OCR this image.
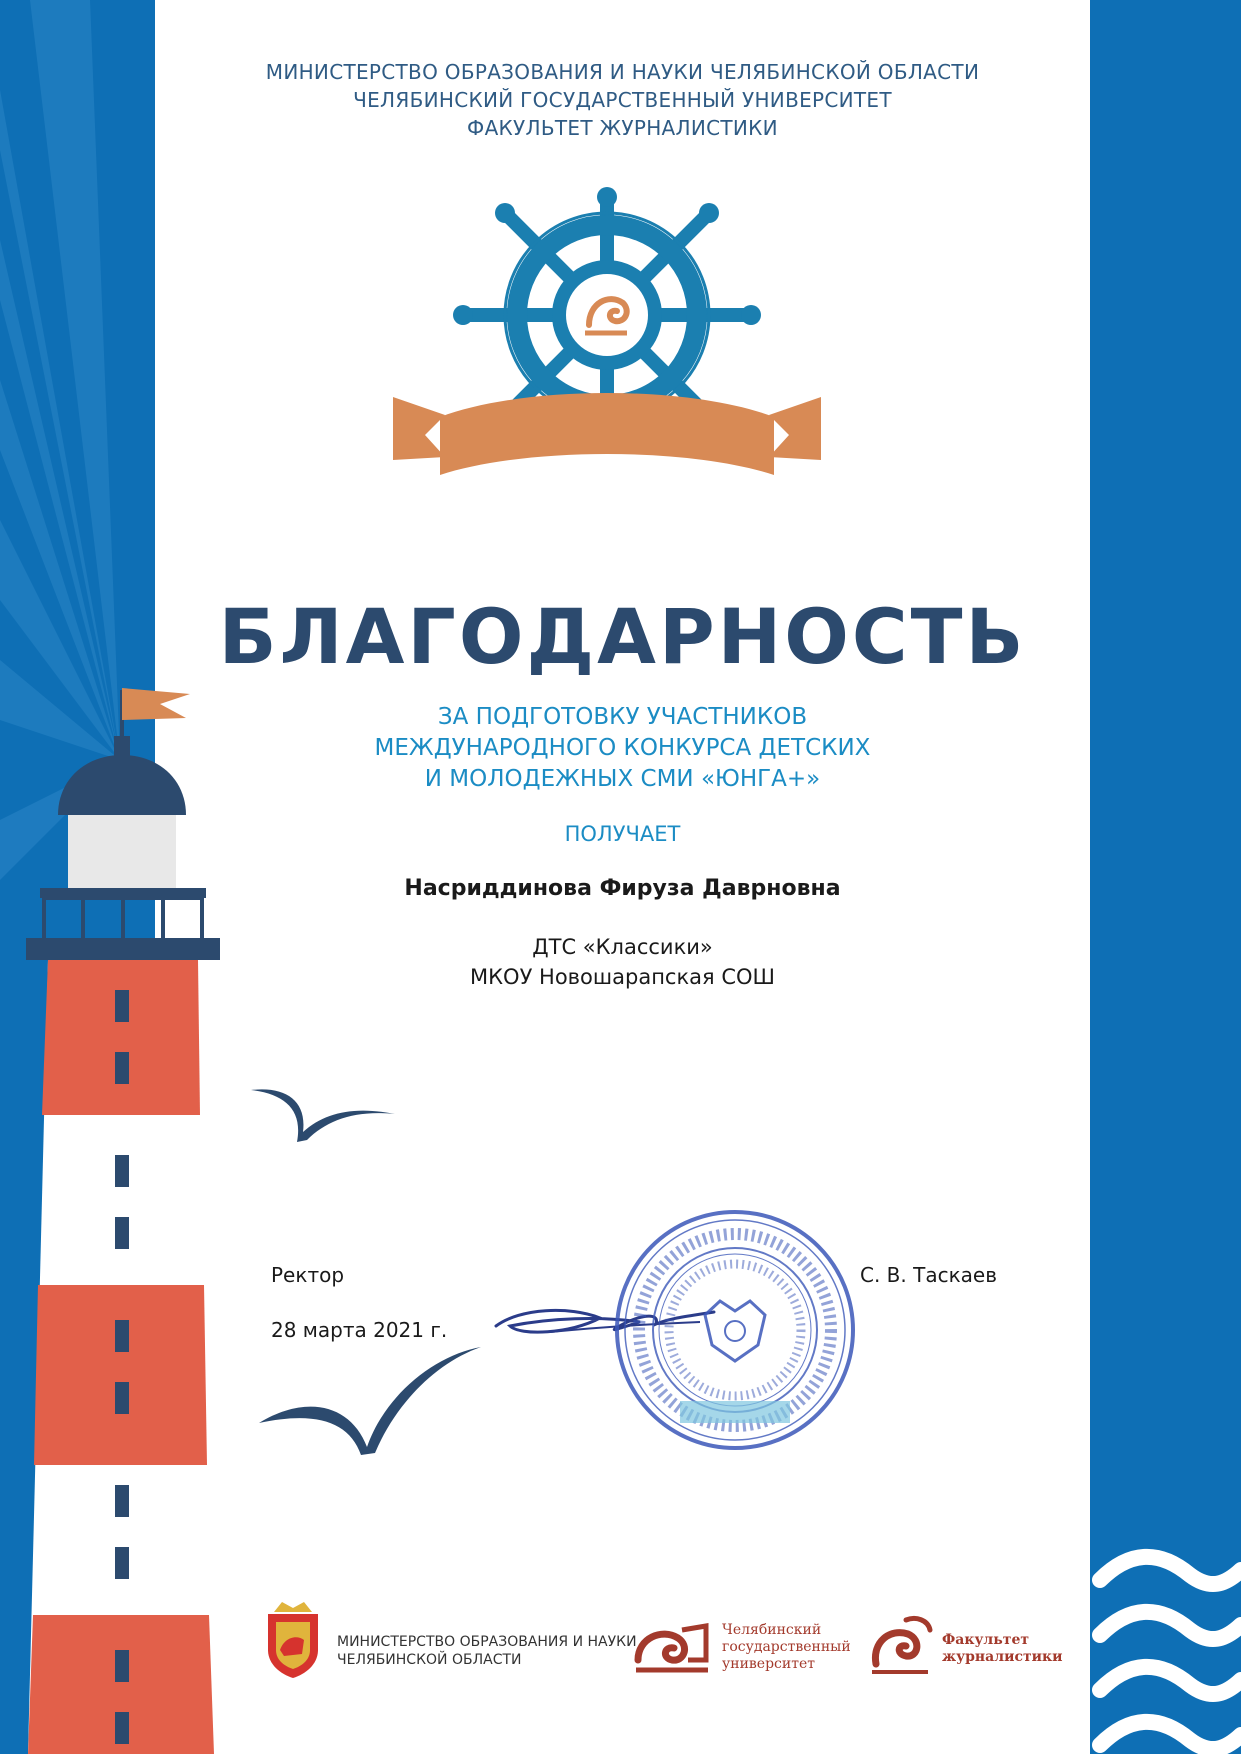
МИНИСТЕРСТВО ОБРАЗОВАНИЯ И НАУКИ ЧЕЛЯБИНСКОЙ ОБЛАСТИ
ЧЕЛЯБИНСКИЙ ГОСУДАРСТВЕННЫЙ УНИВЕРСИТЕТ
ФАКУЛЬТЕТ ЖУРНАЛИСТИКИ
«ЮнГа+»
БЛАГОДАРНОСТЬ
ЗА ПОДГОТОВКУ УЧАСТНИКОВ
МЕЖДУНАРОДНОГО КОНКУРСА ДЕТСКИХ
И МОЛОДЕЖНЫХ СМИ «ЮНГА+»
ПОЛУЧАЕТ
Насриддинова Фируза Даврновна
ДТС «Классики»
МКОУ Новошарапская СОШ
Ректор
28 марта 2021 г.
С. В. Таскаев
МИНИСТЕРСТВО ОБРАЗОВАНИЯ И НАУКИ
ЧЕЛЯБИНСКОЙ ОБЛАСТИ
Челябинский
государственный
университет
Факультет
журналистики
